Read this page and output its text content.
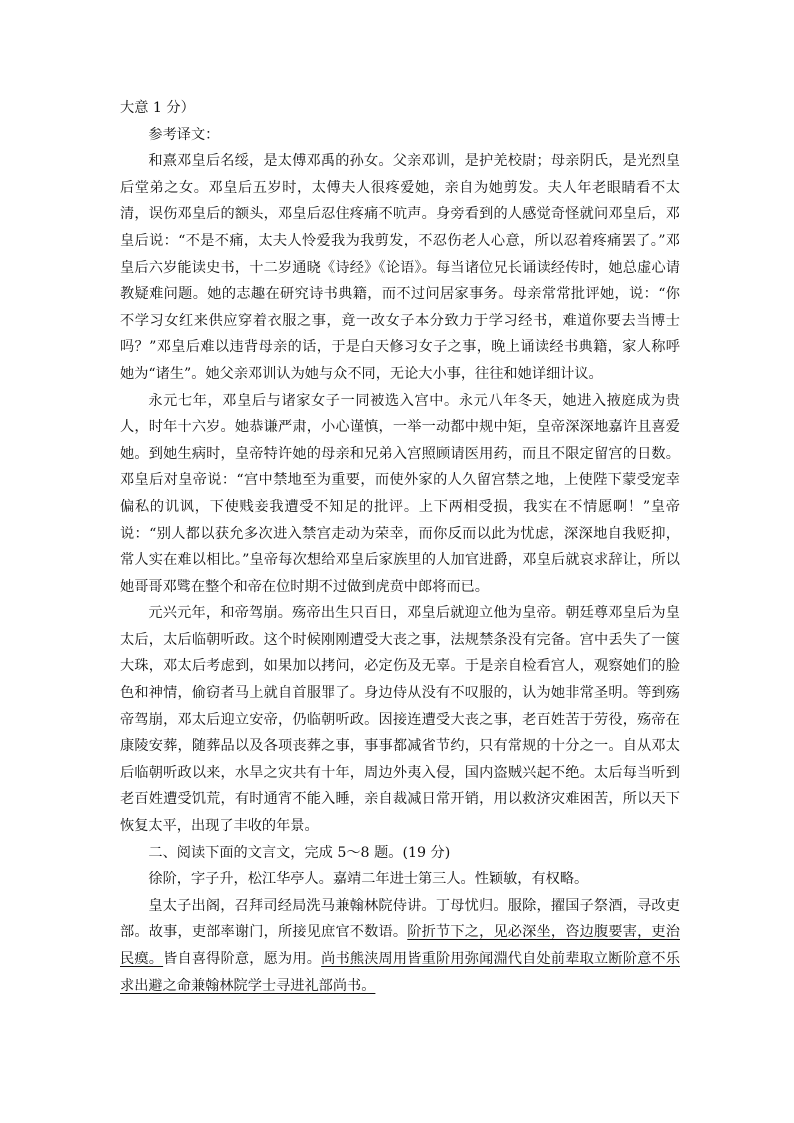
大意 1 分）

参考译文：

和熹邓皇后名绥，是太傅邓禹的孙女。父亲邓训，是护羌校尉；母亲阴氏，是光烈皇后堂弟之女。邓皇后五岁时，太傅夫人很疼爱她，亲自为她剪发。夫人年老眼睛看不太清，误伤邓皇后的额头，邓皇后忍住疼痛不吭声。身旁看到的人感觉奇怪就问邓皇后，邓皇后说：“不是不痛，太夫人怜爱我为我剪发，不忍伤老人心意，所以忍着疼痛罢了。”邓皇后六岁能读史书，十二岁通晓《诗经》《论语》。每当诸位兄长诵读经传时，她总虚心请教疑难问题。她的志趣在研究诗书典籍，而不过问居家事务。母亲常常批评她，说：“你不学习女红来供应穿着衣服之事，竟一改女子本分致力于学习经书，难道你要去当博士吗？”邓皇后难以违背母亲的话，于是白天修习女子之事，晚上诵读经书典籍，家人称呼她为“诸生”。她父亲邓训认为她与众不同，无论大小事，往往和她详细计议。

永元七年，邓皇后与诸家女子一同被选入宫中。永元八年冬天，她进入掖庭成为贵人，时年十六岁。她恭谦严肃，小心谨慎，一举一动都中规中矩，皇帝深深地嘉许且喜爱她。到她生病时，皇帝特许她的母亲和兄弟入宫照顾请医用药，而且不限定留宫的日数。邓皇后对皇帝说：“宫中禁地至为重要，而使外家的人久留宫禁之地，上使陛下蒙受宠幸偏私的讥讽，下使贱妾我遭受不知足的批评。上下两相受损，我实在不情愿啊！”皇帝说：“别人都以获允多次进入禁宫走动为荣幸，而你反而以此为忧虑，深深地自我贬抑，常人实在难以相比。”皇帝每次想给邓皇后家族里的人加官进爵，邓皇后就哀求辞让，所以她哥哥邓骘在整个和帝在位时期不过做到虎贲中郎将而已。

元兴元年，和帝驾崩。殇帝出生只百日，邓皇后就迎立他为皇帝。朝廷尊邓皇后为皇太后，太后临朝听政。这个时候刚刚遭受大丧之事，法规禁条没有完备。宫中丢失了一箧大珠，邓太后考虑到，如果加以拷问，必定伤及无辜。于是亲自检看宫人，观察她们的脸色和神情，偷窃者马上就自首服罪了。身边侍从没有不叹服的，认为她非常圣明。等到殇帝驾崩，邓太后迎立安帝，仍临朝听政。因接连遭受大丧之事，老百姓苦于劳役，殇帝在康陵安葬，随葬品以及各项丧葬之事，事事都减省节约，只有常规的十分之一。自从邓太后临朝听政以来，水旱之灾共有十年，周边外夷入侵，国内盗贼兴起不绝。太后每当听到老百姓遭受饥荒，有时通宵不能入睡，亲自裁减日常开销，用以救济灾难困苦，所以天下恢复太平，出现了丰收的年景。

二、阅读下面的文言文，完成 5～8 题。(19 分)

徐阶，字子升，松江华亭人。嘉靖二年进士第三人。性颖敏，有权略。

皇太子出阁，召拜司经局洗马兼翰林院侍讲。丁母忧归。服除，擢国子祭酒，寻改吏部。故事，吏部率谢门，所接见庶官不数语。阶折节下之，见必深坐，咨边腹要害，吏治民瘼。皆自喜得阶意，愿为用。尚书熊浃周用皆重阶用弥闻淵代自处前辈取立断阶意不乐求出避之命兼翰林院学士寻进礼部尚书。
